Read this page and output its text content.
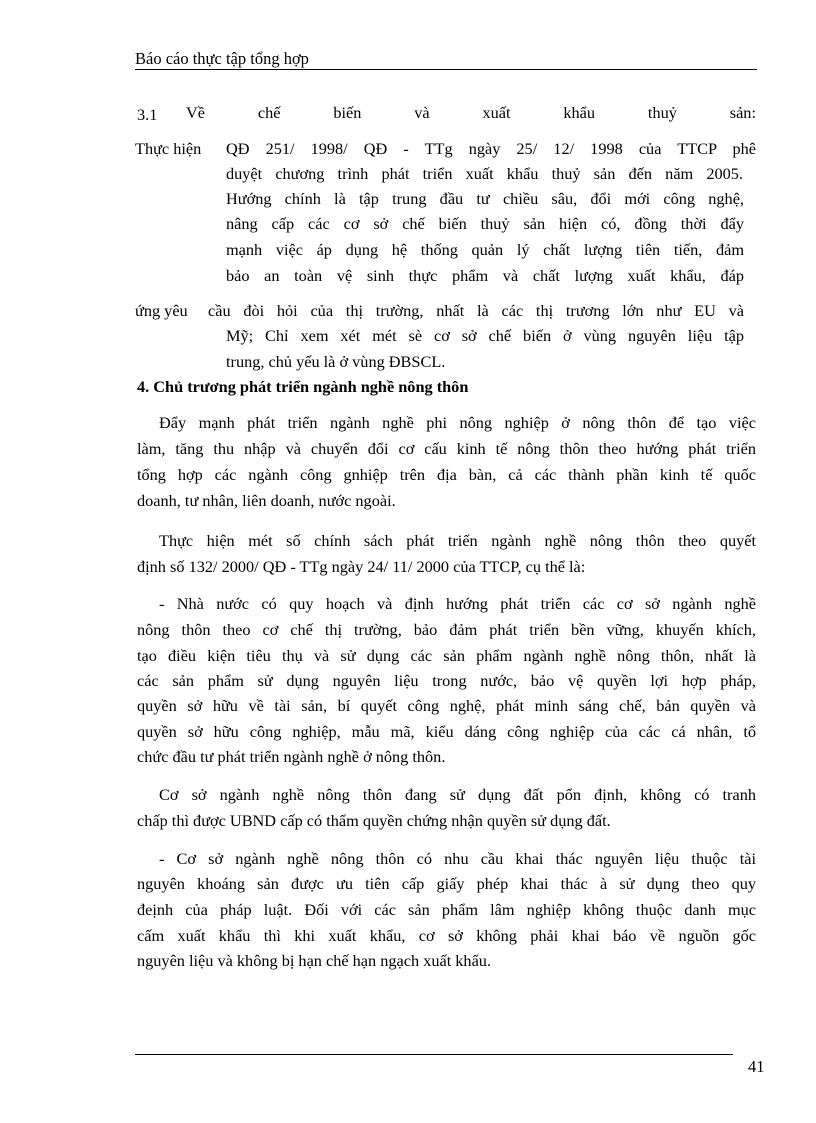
Báo cáo thực tập tổng hợp
3.1 Về	chế	biến	và	xuất	khẩu	thuỷ	sản:
Thực hiện QĐ 251/ 1998/ QĐ - TTg ngày 25/ 12/ 1998 của TTCP phê
duyệt chương trình phát triển xuất khẩu thuỷ sản đến năm 2005.
Hướng chính là tập trung đầu tư chiều sâu, đổi mới công nghệ,
nâng cấp các cơ sở chế biến thuỷ sản hiện có, đồng thời đẩy
mạnh việc áp dụng hệ thống quản lý chất lượng tiên tiến, đảm
bảo an toàn vệ sinh thực phẩm và chất lượng xuất khẩu, đáp
ứng yêu cầu đòi hỏi của thị trường, nhất là các thị trương lớn như EU và
Mỹ; Chỉ xem xét mét sè cơ sở chế biến ở vùng nguyên liệu tập
trung, chủ yếu là ở vùng ĐBSCL.
4. Chủ trương phát triển ngành nghề nông thôn
Đẩy mạnh phát triển ngành nghề phi nông nghiệp ở nông thôn để tạo việc
làm, tăng thu nhập và chuyển đổi cơ cấu kinh tế nông thôn theo hướng phát triển
tổng hợp các ngành công gnhiệp trên địa bàn, cả các thành phần kinh tế quốc
doanh, tư nhân, liên doanh, nước ngoài.
Thực hiện mét số chính sách phát triển ngành nghề nông thôn theo quyết
định số 132/ 2000/ QĐ - TTg ngày 24/ 11/ 2000 của TTCP, cụ thể là:
- Nhà nước có quy hoạch và định hướng phát triển các cơ sở ngành nghề
nông thôn theo cơ chế thị trường, bảo đảm phát triển bền vững, khuyến khích,
tạo điều kiện tiêu thụ và sử dụng các sản phẩm ngành nghề nông thôn, nhất là
các sản phẩm sử dụng nguyên liệu trong nước, bảo vệ quyền lợi hợp pháp,
quyền sở hữu về tài sản, bí quyết công nghệ, phát minh sáng chế, bản quyền và
quyền sở hữu công nghiệp, mẫu mã, kiểu dáng công nghiệp của các cá nhân, tổ
chức đầu tư phát triển ngành nghề ở nông thôn.
Cơ sở ngành nghề nông thôn đang sử dụng đất pổn định, không có tranh
chấp thì được UBND cấp có thẩm quyền chứng nhận quyền sử dụng đất.
- Cơ sở ngành nghề nông thôn có nhu cầu khai thác nguyên liệu thuộc tài
nguyên khoáng sản được ưu tiên cấp giấy phép khai thác à sử dụng theo quy
đeịnh của pháp luật. Đối với các sản phẩm lâm nghiệp không thuộc danh mục
cấm xuất khẩu thì khi xuất khẩu, cơ sở không phải khai báo về nguồn gốc
nguyên liệu và không bị hạn chế hạn ngạch xuất khẩu.
41
